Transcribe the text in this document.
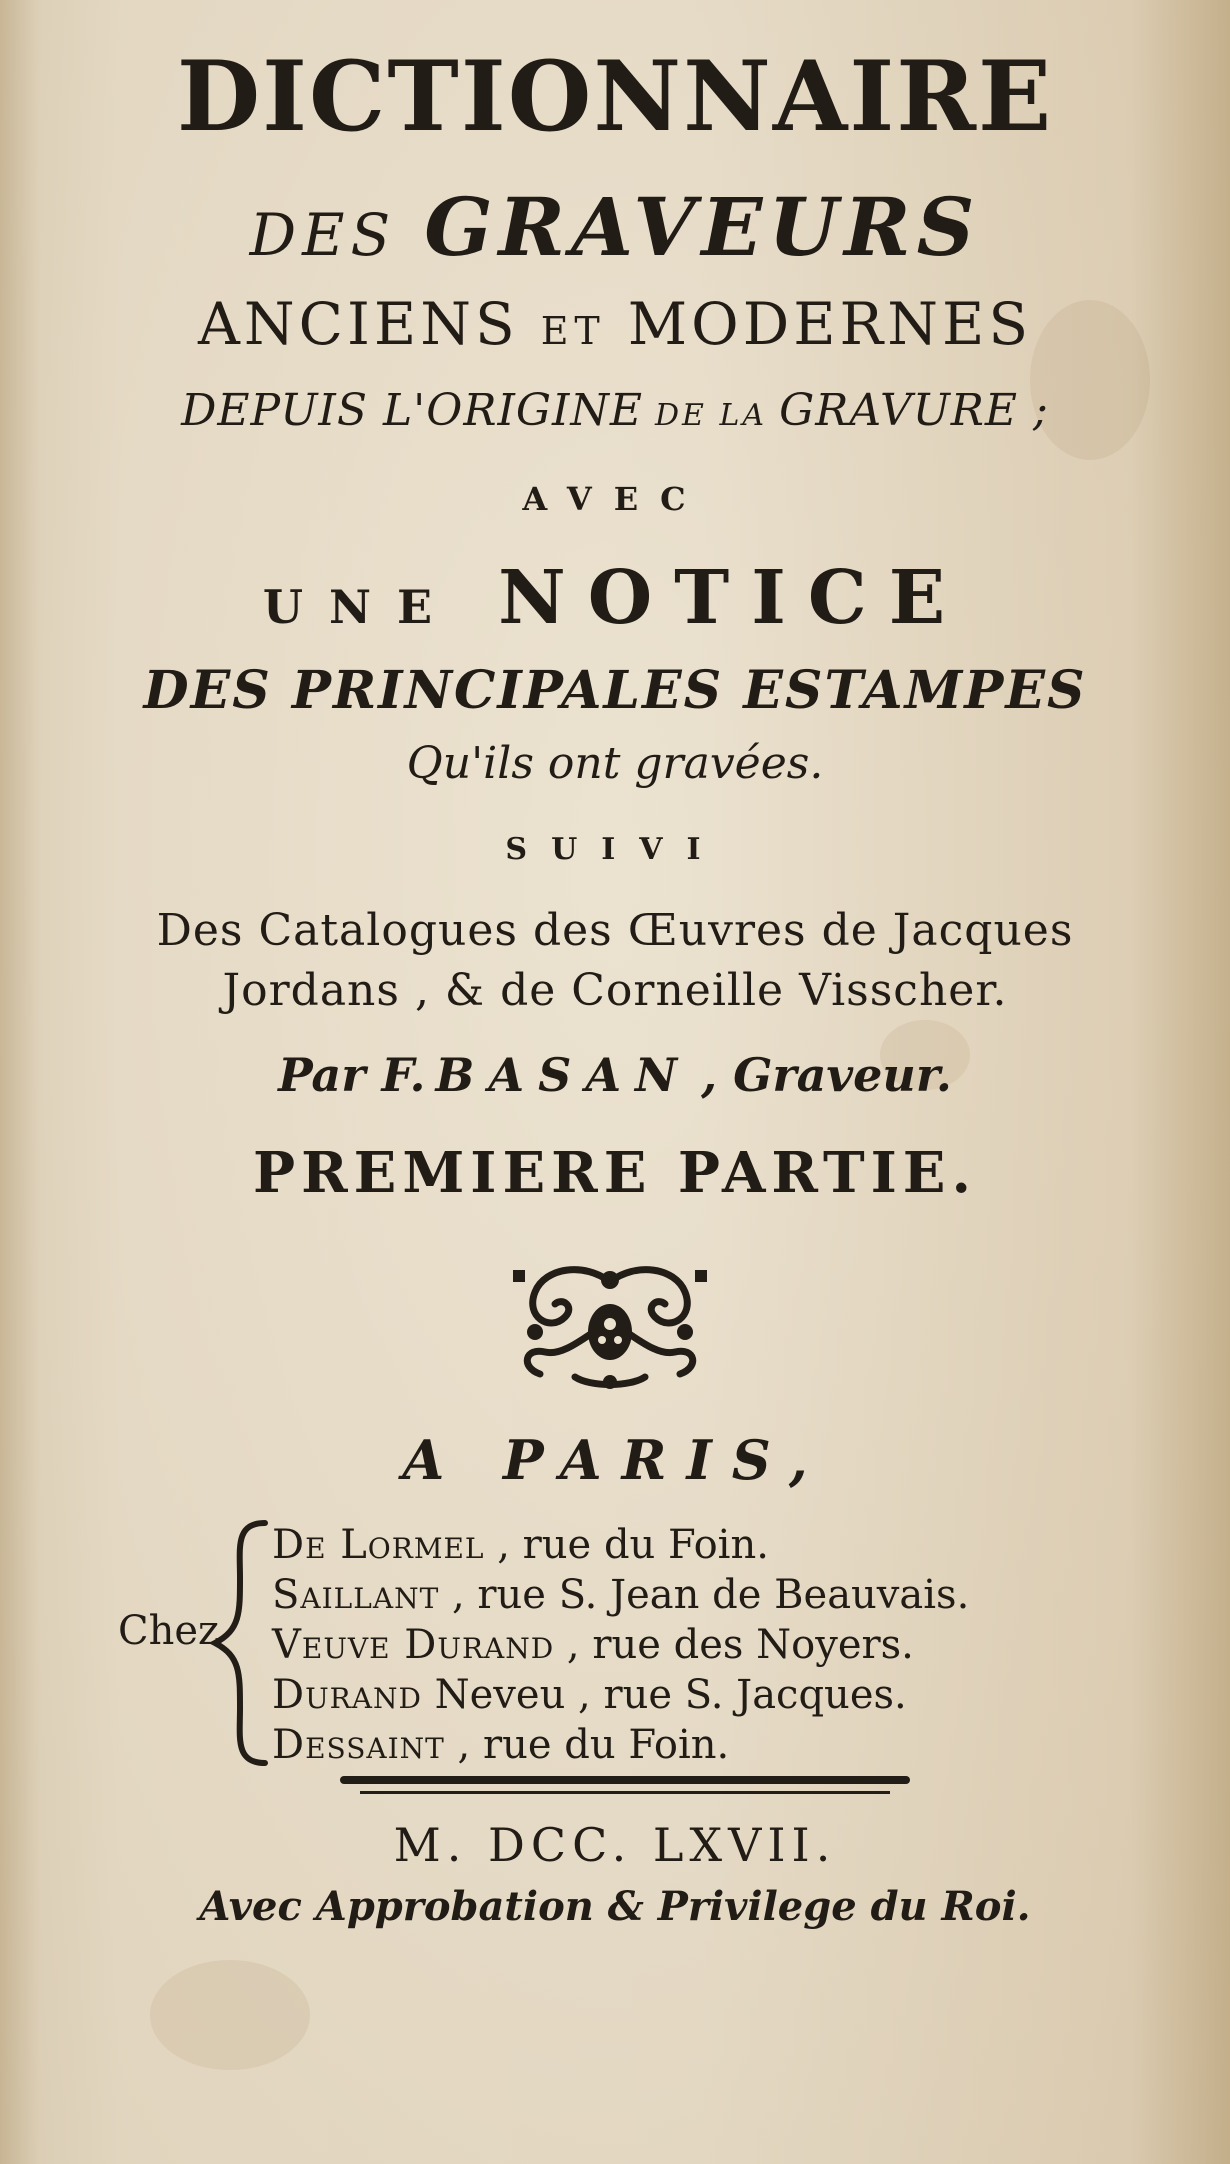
DICTIONNAIRE
DES GRAVEURS
ANCIENS ET MODERNES
DEPUIS L'ORIGINE DE LA GRAVURE ;
AVEC
UNE NOTICE
DES PRINCIPALES ESTAMPES
Qu'ils ont gravées.
SUIVI
Des Catalogues des Œuvres de Jacques
Jordans , & de Corneille Visscher.
Par F. BASAN , Graveur.
PREMIERE PARTIE.
A PARIS,
Chez
De Lormel , rue du Foin.
Saillant , rue S. Jean de Beauvais.
Veuve Durand , rue des Noyers.
Durand Neveu , rue S. Jacques.
Dessaint , rue du Foin.
M. DCC. LXVII.
Avec Approbation & Privilege du Roi.
